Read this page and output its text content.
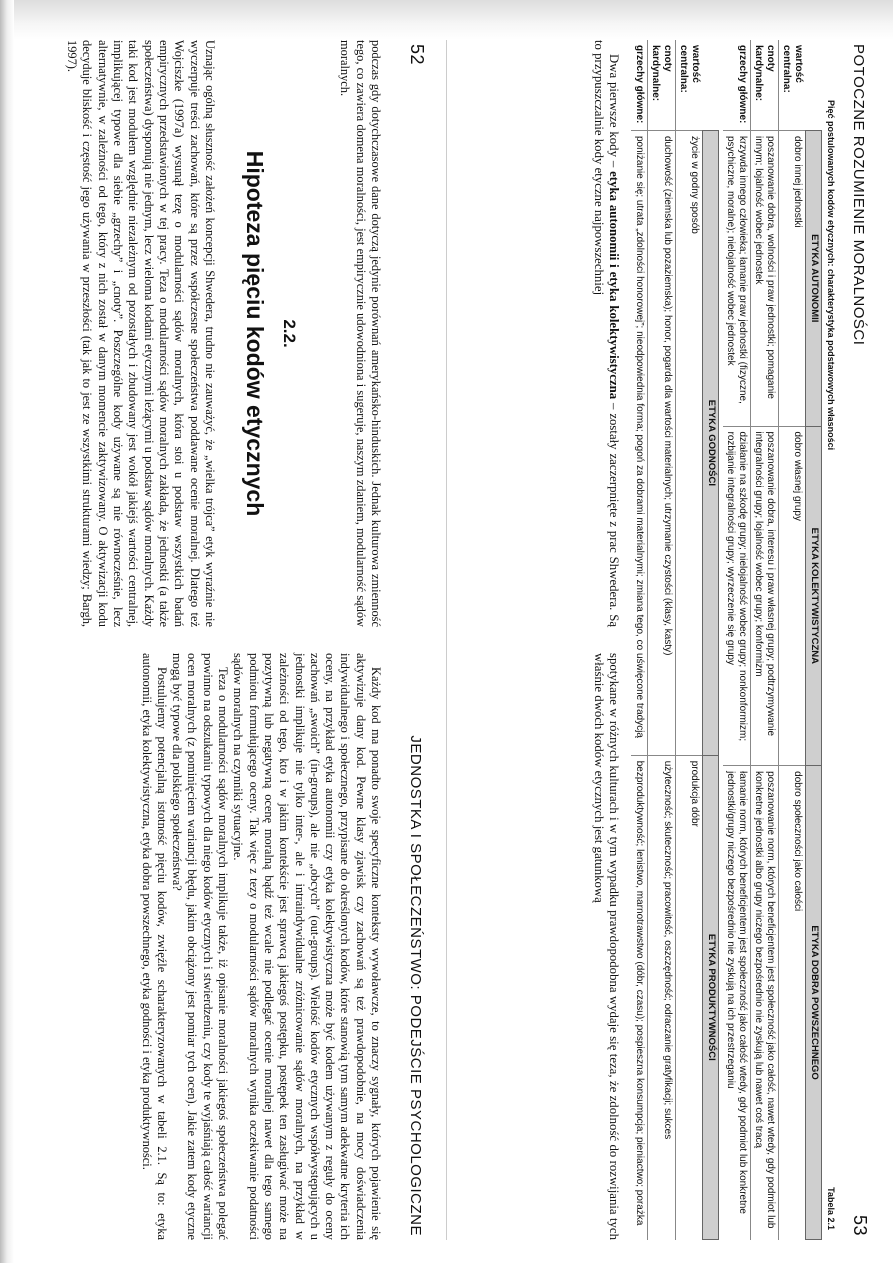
52
JEDNOSTKA I SPOŁECZEŃSTWO: PODEJŚCIE PSYCHOLOGICZNE

podczas gdy dotychczasowe dane dotyczą jedynie porównań amerykańsko-hinduskich. Jednak kulturowa zmienność tego, co zawiera domena moralności, jest empirycznie udowodniona i sugeruje, naszym zdaniem, modularność sądów moralnych.

2.2.
Hipoteza pięciu kodów etycznych

Uznając ogólną słuszność założeń koncepcji Shwedera, trudno nie zauważyć, że „wielka trójca” etyk wyraźnie nie wyczerpuje treści zachowań, które są przez współczesne społeczeństwa poddawane ocenie moralnej. Dlatego też Wojciszke (1997a) wysunął tezę o modularności sądów moralnych, która stoi u podstaw wszystkich badań empirycznych przedstawionych w tej pracy. Teza o modularności sądów moralnych zakłada, że jednostki (a także społeczeństwa) dysponują nie jednym, lecz wieloma kodami etycznymi leżącymi u podstaw sądów moralnych. Każdy taki kod jest modułem względnie niezależnym od pozostałych i zbudowany jest wokół jakiejś wartości centralnej, implikującej typowe dla siebie „grzechy” i „cnoty”. Poszczególne kody używane są nie równocześnie, lecz alternatywnie, w zależności od tego, który z nich został w danym momencie zaktywizowany. O aktywizacji kodu decyduje bliskość i częstość jego używania w przeszłości (tak jak to jest ze wszystkimi strukturami wiedzy; Bargh, 1997).

Każdy kod ma ponadto swoje specyficzne konteksty wywoławcze, to znaczy sygnały, których pojawienie się aktywizuje dany kod. Pewne klasy zjawisk czy zachowań są też prawdopodobnie, na mocy doświadczenia indywidualnego i społecznego, przypisane do określonych kodów, które stanowią tym samym adekwatne kryteria ich oceny, na przykład etyka autonomii czy etyka kolektywistyczna może być kodem używanym z reguły do oceny zachowań „swoich” (in-groups), ale nie „obcych” (out-groups). Wielość kodów etycznych współwystępujących u jednostki implikuje nie tylko inter-, ale i intraindywidualne zróżnicowanie sądów moralnych, na przykład w zależności od tego, kto i w jakim kontekście jest sprawcą jakiegoś postępku, postępek ten zasługiwać może na pozytywną lub negatywną ocenę moralną bądź też wcale nie podlegać ocenie moralnej nawet dla tego samego podmiotu formułującego oceny. Tak więc z tezy o modularności sądów moralnych wynika oczekiwanie podatności sądów moralnych na czynniki sytuacyjne.

Teza o modularności sądów moralnych implikuje także, iż opisanie moralności jakiegoś społeczeństwa polegać powinno na odszukaniu typowych dla niego kodów etycznych i stwierdzeniu, czy kody te wyjaśniają całość wariancji ocen moralnych (z pominięciem wariancji błędu, jakim obciążony jest pomiar tych ocen). Jakie zatem kody etyczne mogą być typowe dla polskiego społeczeństwa?

Postulujemy potencjalną istotność pięciu kodów, zwięźle scharakteryzowanych w tabeli 2.1. Są to: etyka autonomii, etyka kolektywistyczna, etyka dobra powszechnego, etyka godności i etyka produktywności.

POTOCZNE ROZUMIENIE MORALNOŚCI
53
Pięć postulowanych kodów etycznych: charakterystyka podstawowych własności
Tabela 2.1
	ETYKA AUTONOMII	ETYKA KOLEKTYWISTYCZNA	ETYKA DOBRA POWSZECHNEGO
wartość centralna:	dobro innej jednostki	dobro własnej grupy	dobro społeczności jako całości
cnoty kardynalne:	poszanowanie dobra, wolności i praw jednostki; pomaganie innym; lojalność wobec jednostek	poszanowanie dobra, interesu i praw własnej grupy; podtrzymywanie integralności grupy; lojalność wobec grupy; konformizm	poszanowanie norm, których beneficjentem jest społeczność jako całość, nawet wtedy, gdy podmiot lub konkretne jednostki albo grupy niczego bezpośrednio nie zyskują lub nawet coś tracą
grzechy główne:	krzywda innego człowieka; łamanie praw jednostki (fizyczne, psychiczne, moralne); nielojalność wobec jednostek	działanie na szkodę grupy; nielojalność wobec grupy; nonkonformizm; rozbijanie integralności grupy; wyrzeczenie się grupy	łamanie norm, których beneficjentem jest społeczność jako całość wtedy, gdy podmiot lub konkretne jednostki/grupy niczego bezpośrednio nie zyskują na ich przestrzeganiu
	ETYKA GODNOŚCI	ETYKA PRODUKTYWNOŚCI
wartość centralna:	życie w godny sposób	produkcja dóbr
cnoty kardynalne:	duchowość (ziemska lub pozaziemska); honor, pogarda dla wartości materialnych; utrzymanie czystości (klasy, kasty)	użyteczność; skuteczność; pracowitość, oszczędność; odraczanie gratyfikacji; sukces
grzechy główne:	poniżanie się; utrata „zdolności honorowej”; nieodpowiednia forma; pogoń za dobrami materialnymi; zmiana tego, co uświęcone tradycją	bezproduktywność; lenistwo, marnotrawstwo (dóbr, czasu); pospieszna konsumpcja; pieniactwo; porażka

Dwa pierwsze kody – etyka autonomii i etyka kolektywistyczna – zostały zaczerpnięte z prac Shwedera. Są to przypuszczalnie kody etyczne najpowszechniej

spotykane w różnych kulturach i w tym wypadku prawdopodobna wydaje się teza, że zdolność do rozwijania tych właśnie dwóch kodów etycznych jest gatunkową
